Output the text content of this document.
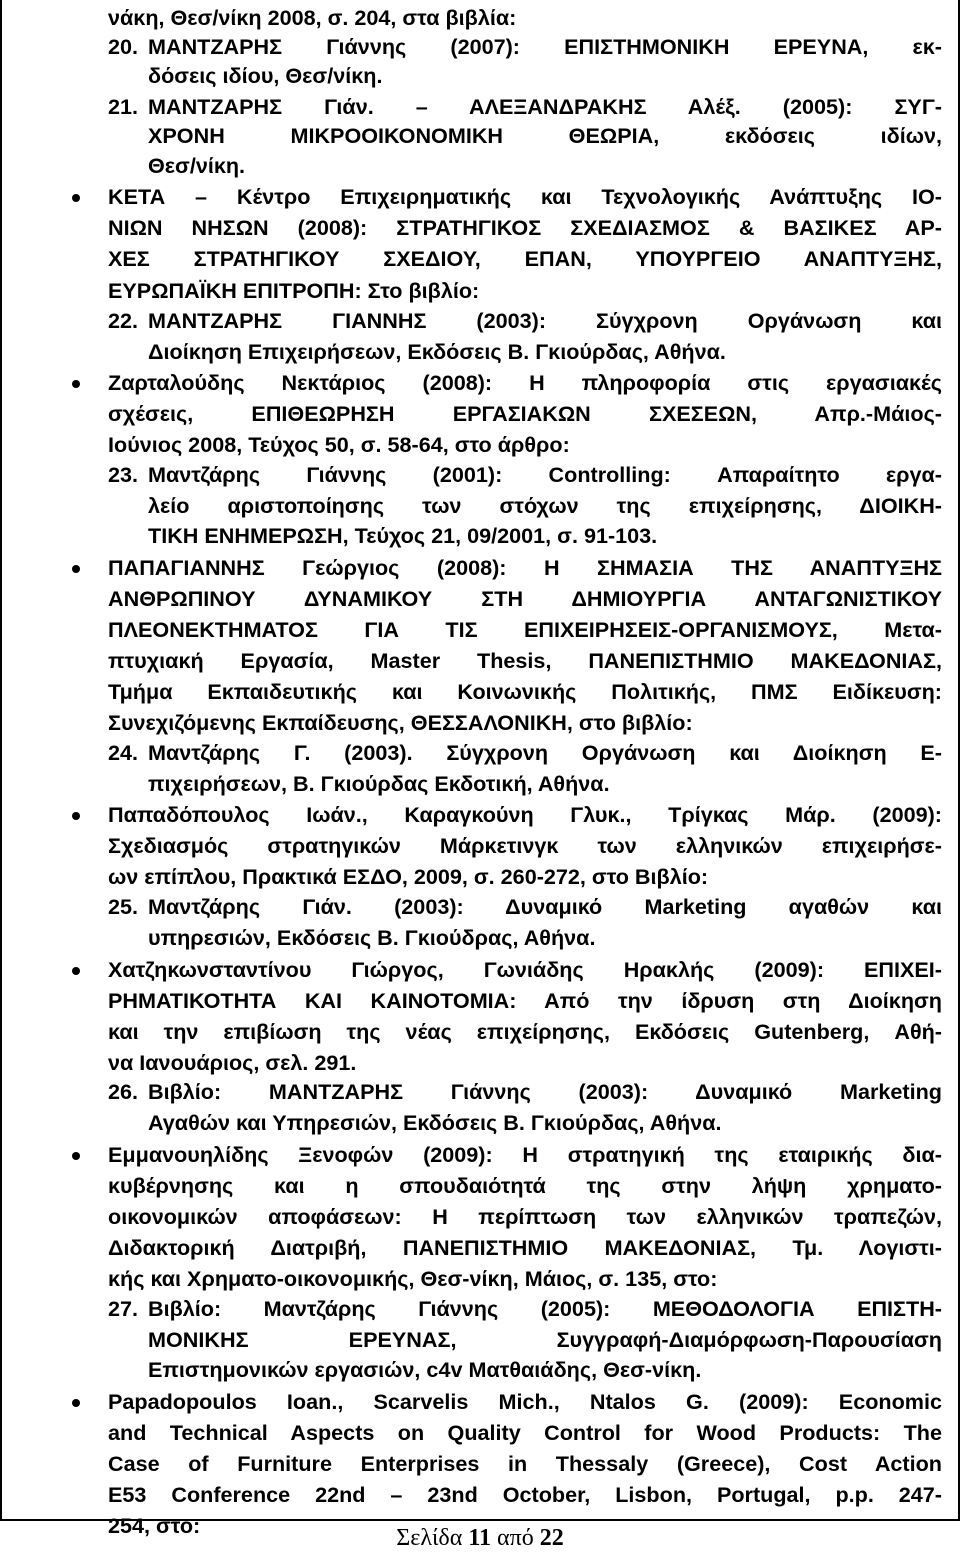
νάκη, Θεσ/νίκη 2008, σ. 204, στα βιβλία:
20. ΜΑΝΤΖΑΡΗΣ Γιάννης (2007): ΕΠΙΣΤΗΜΟΝΙΚΗ ΕΡΕΥΝΑ, εκ-
δόσεις ιδίου, Θεσ/νίκη.
21. ΜΑΝΤΖΑΡΗΣ Γιάν. – ΑΛΕΞΑΝΔΡΑΚΗΣ Αλέξ. (2005): ΣΥΓ-
ΧΡΟΝΗ ΜΙΚΡΟΟΙΚΟΝΟΜΙΚΗ ΘΕΩΡΙΑ, εκδόσεις ιδίων,
Θεσ/νίκη.
ΚΕΤΑ – Κέντρο Επιχειρηματικής και Τεχνολογικής Ανάπτυξης ΙΟ-
ΝΙΩΝ ΝΗΣΩΝ (2008): ΣΤΡΑΤΗΓΙΚΟΣ ΣΧΕΔΙΑΣΜΟΣ & ΒΑΣΙΚΕΣ ΑΡ-
ΧΕΣ ΣΤΡΑΤΗΓΙΚΟΥ ΣΧΕΔΙΟΥ, ΕΠΑΝ, ΥΠΟΥΡΓΕΙΟ ΑΝΑΠΤΥΞΗΣ,
ΕΥΡΩΠΑΪΚΗ ΕΠΙΤΡΟΠΗ: Στο βιβλίο:
22. ΜΑΝΤΖΑΡΗΣ ΓΙΑΝΝΗΣ (2003): Σύγχρονη Οργάνωση και
Διοίκηση Επιχειρήσεων, Εκδόσεις Β. Γκιούρδας, Αθήνα.
Ζαρταλούδης Νεκτάριος (2008): Η πληροφορία στις εργασιακές
σχέσεις, ΕΠΙΘΕΩΡΗΣΗ ΕΡΓΑΣΙΑΚΩΝ ΣΧΕΣΕΩΝ, Απρ.-Μάιος-
Ιούνιος 2008, Τεύχος 50, σ. 58-64, στο άρθρο:
23. Μαντζάρης Γιάννης (2001): Controlling: Απαραίτητο εργα-
λείο αριστοποίησης των στόχων της επιχείρησης, ΔΙΟΙΚΗ-
ΤΙΚΗ ΕΝΗΜΕΡΩΣΗ, Τεύχος 21, 09/2001, σ. 91-103.
ΠΑΠΑΓΙΑΝΝΗΣ Γεώργιος (2008): Η ΣΗΜΑΣΙΑ ΤΗΣ ΑΝΑΠΤΥΞΗΣ
ΑΝΘΡΩΠΙΝΟΥ ΔΥΝΑΜΙΚΟΥ ΣΤΗ ΔΗΜΙΟΥΡΓΙΑ ΑΝΤΑΓΩΝΙΣΤΙΚΟΥ
ΠΛΕΟΝΕΚΤΗΜΑΤΟΣ ΓΙΑ ΤΙΣ ΕΠΙΧΕΙΡΗΣΕΙΣ-ΟΡΓΑΝΙΣΜΟΥΣ, Μετα-
πτυχιακή Εργασία, Master Thesis, ΠΑΝΕΠΙΣΤΗΜΙΟ ΜΑΚΕΔΟΝΙΑΣ,
Τμήμα Εκπαιδευτικής και Κοινωνικής Πολιτικής, ΠΜΣ Ειδίκευση:
Συνεχιζόμενης Εκπαίδευσης, ΘΕΣΣΑΛΟΝΙΚΗ, στο βιβλίο:
24. Μαντζάρης Γ. (2003). Σύγχρονη Οργάνωση και Διοίκηση Ε-
πιχειρήσεων, Β. Γκιούρδας Εκδοτική, Αθήνα.
Παπαδόπουλος Ιωάν., Καραγκούνη Γλυκ., Τρίγκας Μάρ. (2009):
Σχεδιασμός στρατηγικών Μάρκετινγκ των ελληνικών επιχειρήσε-
ων επίπλου, Πρακτικά ΕΣΔΟ, 2009, σ. 260-272, στο Βιβλίο:
25. Μαντζάρης Γιάν. (2003): Δυναμικό Marketing αγαθών και
υπηρεσιών, Εκδόσεις Β. Γκιούδρας, Αθήνα.
Χατζηκωνσταντίνου Γιώργος, Γωνιάδης Ηρακλής (2009): ΕΠΙΧΕΙ-
ΡΗΜΑΤΙΚΟΤΗΤΑ ΚΑΙ ΚΑΙΝΟΤΟΜΙΑ: Από την ίδρυση στη Διοίκηση
και την επιβίωση της νέας επιχείρησης, Εκδόσεις Gutenberg, Αθή-
να Ιανουάριος, σελ. 291.
26. Βιβλίο: ΜΑΝΤΖΑΡΗΣ Γιάννης (2003): Δυναμικό Marketing
Αγαθών και Υπηρεσιών, Εκδόσεις Β. Γκιούρδας, Αθήνα.
Εμμανουηλίδης Ξενοφών (2009): Η στρατηγική της εταιρικής δια-
κυβέρνησης και η σπουδαιότητά της στην λήψη χρηματο-
οικονομικών αποφάσεων: Η περίπτωση των ελληνικών τραπεζών,
Διδακτορική Διατριβή, ΠΑΝΕΠΙΣΤΗΜΙΟ ΜΑΚΕΔΟΝΙΑΣ, Τμ. Λογιστι-
κής και Χρηματο-οικονομικής, Θεσ-νίκη, Μάιος, σ. 135, στο:
27. Βιβλίο: Μαντζάρης Γιάννης (2005): ΜΕΘΟΔΟΛΟΓΙΑ ΕΠΙΣΤΗ-
ΜΟΝΙΚΗΣ ΕΡΕΥΝΑΣ, Συγγραφή-Διαμόρφωση-Παρουσίαση
Επιστημονικών εργασιών, c4v Ματθαιάδης, Θεσ-νίκη.
Papadopoulos Ioan., Scarvelis Mich., Ntalos G. (2009): Economic
and Technical Aspects on Quality Control for Wood Products: The
Case of Furniture Enterprises in Thessaly (Greece), Cost Action
E53 Conference 22nd – 23nd October, Lisbon, Portugal, p.p. 247-
254, στο:	Σελίδα 11 από 22
